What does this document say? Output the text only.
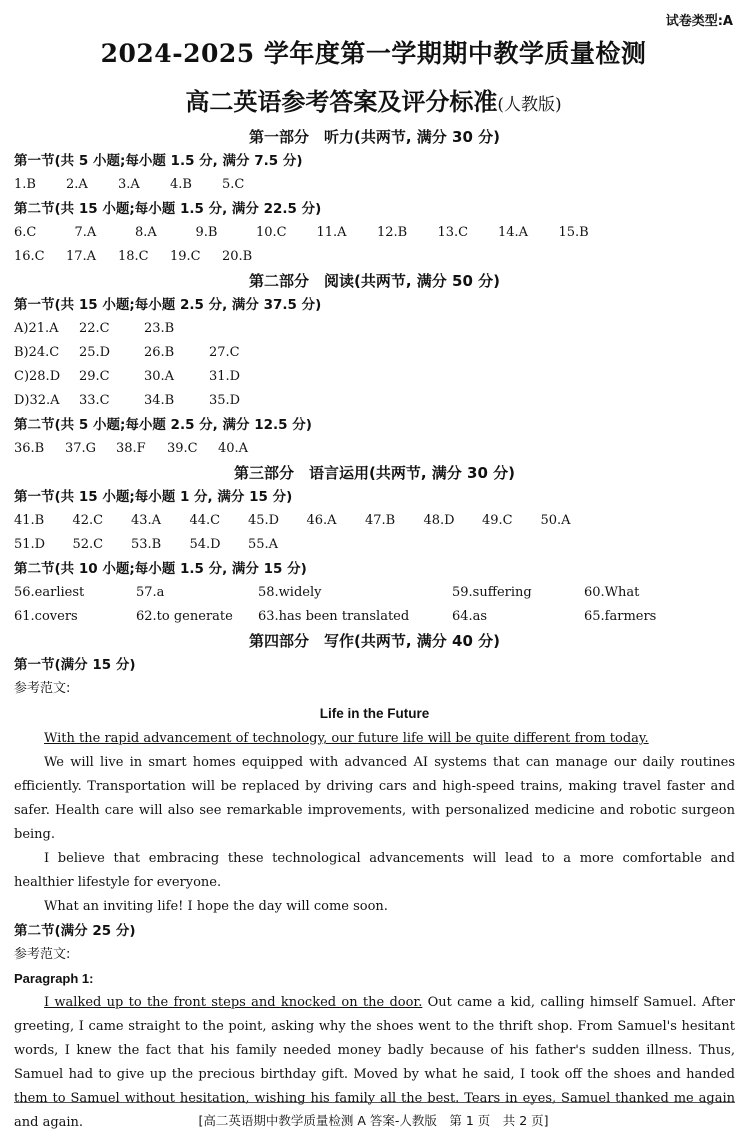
试卷类型:A
2024-2025 学年度第一学期期中教学质量检测
高二英语参考答案及评分标准(人教版)
第一部分　听力(共两节, 满分 30 分)
第一节(共 5 小题;每小题 1.5 分, 满分 7.5 分)
1.B	2.A	3.A	4.B	5.C
第二节(共 15 小题;每小题 1.5 分, 满分 22.5 分)
6.C	7.A	8.A	9.B	10.C	11.A	12.B	13.C	14.A	15.B
16.C	17.A	18.C	19.C	20.B
第二部分　阅读(共两节, 满分 50 分)
第一节(共 15 小题;每小题 2.5 分, 满分 37.5 分)
A)21.A	22.C	23.B
B)24.C	25.D	26.B	27.C
C)28.D	29.C	30.A	31.D
D)32.A	33.C	34.B	35.D
第二节(共 5 小题;每小题 2.5 分, 满分 12.5 分)
36.B	37.G	38.F	39.C	40.A
第三部分　语言运用(共两节, 满分 30 分)
第一节(共 15 小题;每小题 1 分, 满分 15 分)
41.B	42.C	43.A	44.C	45.D	46.A	47.B	48.D	49.C	50.A
51.D	52.C	53.B	54.D	55.A
第二节(共 10 小题;每小题 1.5 分, 满分 15 分)
56.earliest	57.a	58.widely	59.suffering	60.What
61.covers	62.to generate	63.has been translated	64.as	65.farmers
第四部分　写作(共两节, 满分 40 分)
第一节(满分 15 分)
参考范文:
Life in the Future

With the rapid advancement of technology, our future life will be quite different from today.

We will live in smart homes equipped with advanced AI systems that can manage our daily routines efficiently. Transportation will be replaced by driving cars and high-speed trains, making travel faster and safer. Health care will also see remarkable improvements, with personalized medicine and robotic surgeon being.

I believe that embracing these technological advancements will lead to a more comfortable and healthier lifestyle for everyone.

What an inviting life! I hope the day will come soon.

第二节(满分 25 分)
参考范文:

Paragraph 1:

I walked up to the front steps and knocked on the door. Out came a kid, calling himself Samuel. After greeting, I came straight to the point, asking why the shoes went to the thrift shop. From Samuel's hesitant words, I knew the fact that his family needed money badly because of his father's sudden illness. Thus, Samuel had to give up the precious birthday gift. Moved by what he said, I took off the shoes and handed them to Samuel without hesitation, wishing his family all the best. Tears in eyes, Samuel thanked me again and again.	[高二英语期中教学质量检测 A 答案-人教版　第 1 页　共 2 页]
